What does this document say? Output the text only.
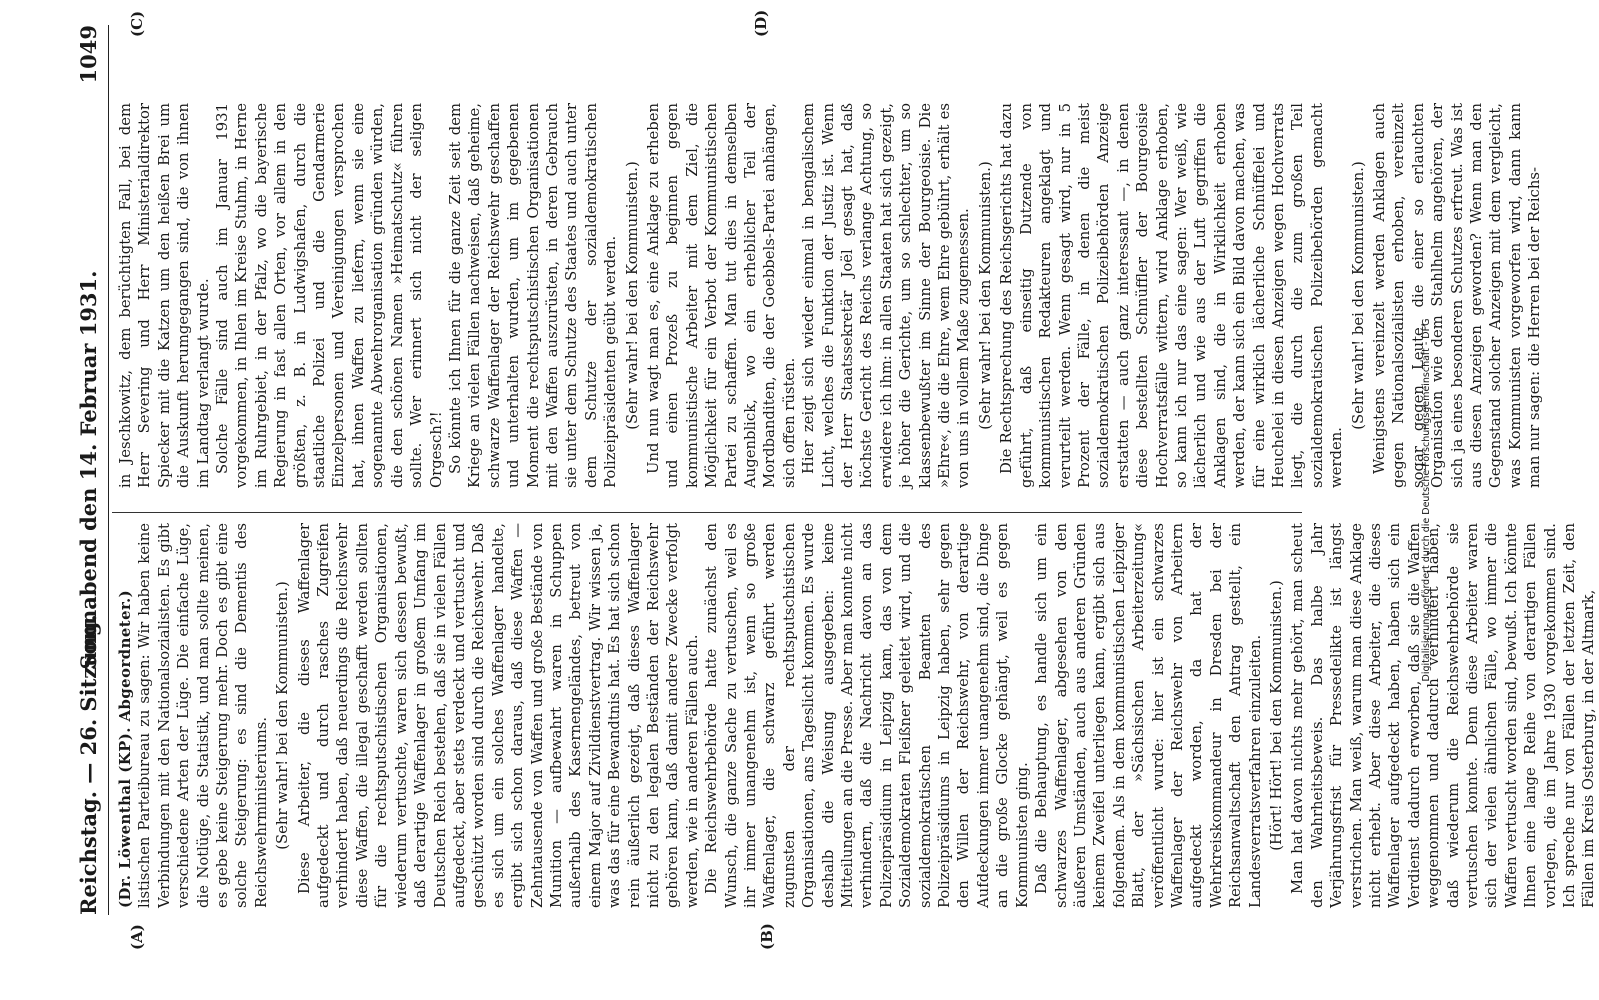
Reichstag. — 26. Sitzung.
Sonnabend den 14. Februar 1931.
1049
(A)	(B)
(C)	(D)

(Dr. Löwenthal (KP). Abgeordneter.) listischen Parteibureau zu sagen: Wir haben keine Verbindungen mit den Nationalsozialisten. Es gibt verschiedene Arten der Lüge. Die einfache Lüge, die Notlüge, die Statistik, und man sollte meinen, es gebe keine Steigerung mehr. Doch es gibt eine solche Steigerung: es sind die Dementis des Reichswehrministeriums. (Sehr wahr! bei den Kommunisten.) Diese Arbeiter, die dieses Waffenlager aufgedeckt und durch rasches Zugreifen verhindert haben, daß neuerdings die Reichswehr diese Waffen, die illegal geschafft werden sollten für die rechtsputschistischen Organisationen, wiederum vertuschte, waren sich dessen bewußt, daß derartige Waffenlager in großem Umfang im Deutschen Reich bestehen, daß sie in vielen Fällen aufgedeckt, aber stets verdeckt und vertuscht und geschützt worden sind durch die Reichswehr. Daß es sich um ein solches Waffenlager handelte, ergibt sich schon daraus, daß diese Waffen — Zehntausende von Waffen und große Bestände von Munition — aufbewahrt waren in Schuppen außerhalb des Kasernengeländes, betreut von einem Major auf Zivildienstvertrag. Wir wissen ja, was das für eine Bewandtnis hat. Es hat sich schon rein äußerlich gezeigt, daß dieses Waffenlager nicht zu den legalen Beständen der Reichswehr gehören kann, daß damit andere Zwecke verfolgt werden, wie in anderen Fällen auch. Die Reichswehrbehörde hatte zunächst den Wunsch, die ganze Sache zu vertuschen, weil es ihr immer unangenehm ist, wenn so große Waffenlager, die schwarz geführt werden zugunsten der rechtsputschistischen Organisationen, ans Tageslicht kommen. Es wurde deshalb die Weisung ausgegeben: keine Mitteilungen an die Presse. Aber man konnte nicht verhindern, daß die Nachricht davon an das Polizeipräsidium in Leipzig kam, das von dem Sozialdemokraten Fleißner geleitet wird, und die sozialdemokratischen Beamten des Polizeipräsidiums in Leipzig haben, sehr gegen den Willen der Reichswehr, von derartige Aufdeckungen immer unangenehm sind, die Dinge an die große Glocke gehängt, weil es gegen Kommunisten ging. Daß die Behauptung, es handle sich um ein schwarzes Waffenlager, abgesehen von den äußeren Umständen, auch aus anderen Gründen keinem Zweifel unterliegen kann, ergibt sich aus folgendem. Als in dem kommunistischen Leipziger Blatt, der »Sächsischen Arbeiterzeitung« veröffentlicht wurde: hier ist ein schwarzes Waffenlager der Reichswehr von Arbeitern aufgedeckt worden, da hat der Wehrkreiskommandeur in Dresden bei der Reichsanwaltschaft den Antrag gestellt, ein Landesverratsverfahren einzuleiten. (Hört! Hört! bei den Kommunisten.) Man hat davon nichts mehr gehört, man scheut den Wahrheitsbeweis. Das halbe Jahr Verjährungsfrist für Pressedelikte ist längst verstrichen. Man weiß, warum man diese Anklage nicht erhebt. Aber diese Arbeiter, die dieses Waffenlager aufgedeckt haben, haben sich ein Verdienst dadurch erworben, daß sie die Waffen weggenommen und dadurch verhindert haben, daß wiederum die Reichswehrbehörde sie vertuschen konnte. Denn diese Arbeiter waren sich der vielen ähnlichen Fälle, wo immer die Waffen vertuscht worden sind, bewußt. Ich könnte Ihnen eine lange Reihe von derartigen Fällen vorlegen, die im Jahre 1930 vorgekommen sind. Ich spreche nur von Fällen der letzten Zeit, den Fällen im Kreis Osterburg, in der Altmark,

in Jeschkowitz, dem berüchtigten Fall, bei dem Herr Severing und Herr Ministerialdirektor Spiecker mit die Katzen um den heißen Brei um die Auskunft herumgegangen sind, die von ihnen im Landtag verlangt wurde. Solche Fälle sind auch im Januar 1931 vorgekommen, in Ihlen im Kreise Stuhm, in Herne im Ruhrgebiet, in der Pfalz, wo die bayerische Regierung in fast allen Orten, vor allem in den größten, z. B. in Ludwigshafen, durch die staatliche Polizei und die Gendarmerie Einzelpersonen und Vereinigungen versprochen hat, ihnen Waffen zu liefern, wenn sie eine sogenannte Abwehrorganisation gründen würden, die den schönen Namen »Heimatschutz« führen sollte. Wer erinnert sich nicht der seligen Orgesch?! So könnte ich Ihnen für die ganze Zeit seit dem Kriege an vielen Fällen nachweisen, daß geheime, schwarze Waffenlager der Reichswehr geschaffen und unterhalten wurden, um im gegebenen Moment die rechtsputschistischen Organisationen mit den Waffen auszurüsten, in deren Gebrauch sie unter dem Schutze des Staates und auch unter dem Schutze der sozialdemokratischen Polizeipräsidenten geübt werden. (Sehr wahr! bei den Kommunisten.) Und nun wagt man es, eine Anklage zu erheben und einen Prozeß zu beginnen gegen kommunistische Arbeiter mit dem Ziel, die Möglichkeit für ein Verbot der Kommunistischen Partei zu schaffen. Man tut dies in demselben Augenblick, wo ein erheblicher Teil der Mordbanditen, die der Goebbels-Partei anhängen, sich offen rüsten. Hier zeigt sich wieder einmal in bengalischem Licht, welches die Funktion der Justiz ist. Wenn der Herr Staatssekretär Joël gesagt hat, daß höchste Gericht des Reichs verlange Achtung, so erwidere ich ihm: in allen Staaten hat sich gezeigt, je höher die Gerichte, um so schlechter, um so klassenbewußter im Sinne der Bourgeoisie. Die »Ehre«, die die Ehre, wem Ehre gebührt, erhält es von uns in vollem Maße zugemessen. (Sehr wahr! bei den Kommunisten.) Die Rechtsprechung des Reichsgerichts hat dazu geführt, daß einseitig Dutzende von kommunistischen Redakteuren angeklagt und verurteilt werden. Wenn gesagt wird, nur in 5 Prozent der Fälle, in denen die meist sozialdemokratischen Polizeibehörden Anzeige erstatten — auch ganz interessant —, in denen diese bestellten Schnüffler der Bourgeoisie Hochverratsfälle wittern, wird Anklage erhoben, so kann ich nur das eine sagen: Wer weiß, wie lächerlich und wie aus der Luft gegriffen die Anklagen sind, die in Wirklichkeit erhoben werden, der kann sich ein Bild davon machen, was für eine wirklich lächerliche Schnüffelei und Heuchelei in diesen Anzeigen wegen Hochverrats liegt, die durch die zum großen Teil sozialdemokratischen Polizeibehörden gemacht werden.

(Sehr wahr! bei den Kommunisten.) Wenigstens vereinzelt werden Anklagen auch gegen Nationalsozialisten erhoben, vereinzelt sogar gegen Leute, die einer so erlauchten Organisation wie dem Stahlhelm angehören, der sich ja eines besonderen Schutzes erfreut. Was ist aus diesen Anzeigen geworden? Wenn man den Gegenstand solcher Anzeigen mit dem vergleicht, was Kommunisten vorgeworfen wird, dann kann man nur sagen: die Herren bei der Reichs-

Digitalisierung gefördert durch die Deutsche Forschungsgemeinschaft - DFG
